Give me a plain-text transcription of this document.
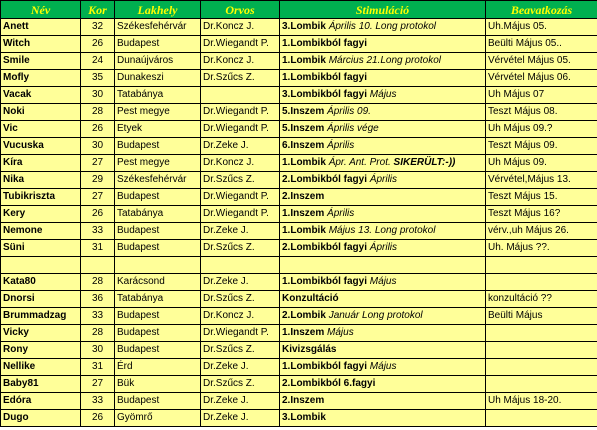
Név	Kor	Lakhely	Orvos	Stimuláció	Beavatkozás
Anett	32	Székesfehérvár	Dr.Koncz J.	3.Lombik Április 10. Long protokol	Uh.Május 05.
Witch	26	Budapest	Dr.Wiegandt P.	1.Lombikból fagyi	Beülti Május 05..
Smile	24	Dunaújváros	Dr.Koncz J.	1.Lombik Március 21.Long protokol	Vérvétel Május 05.
Mofly	35	Dunakeszi	Dr.Szűcs Z.	1.Lombikból fagyi	Vérvétel Május 06.
Vacak	30	Tatabánya		3.Lombikból fagyi Május	Uh Május 07
Noki	28	Pest megye	Dr.Wiegandt P.	5.Inszem Április 09.	Teszt Május 08.
Vic	26	Etyek	Dr.Wiegandt P.	5.Inszem Április vége	Uh Május 09.?
Vucuska	30	Budapest	Dr.Zeke J.	6.Inszem Április	Teszt Május 09.
Kíra	27	Pest megye	Dr.Koncz J.	1.Lombik Ápr. Ant. Prot. SIKERÜLT:-))	Uh Május 09.
Nika	29	Székesfehérvár	Dr.Szűcs Z.	2.Lombikból fagyi Április	Vérvétel,Május 13.
Tubikriszta	27	Budapest	Dr.Wiegandt P.	2.Inszem	Teszt Május 15.
Kery	26	Tatabánya	Dr.Wiegandt P.	1.Inszem Április	Teszt Május 16?
Nemone	33	Budapest	Dr.Zeke J.	1.Lombik Május 13. Long protokol	vérv.,uh Május 26.
Süni	31	Budapest	Dr.Szűcs Z.	2.Lombikból fagyi Április	Uh. Május ??.

Kata80	28	Karácsond	Dr.Zeke J.	1.Lombikból fagyi Május	
Dnorsi	36	Tatabánya	Dr.Szűcs Z.	Konzultáció	konzultáció ??
Brummadzag	33	Budapest	Dr.Koncz J.	2.Lombik Január Long protokol	Beülti Május
Vicky	28	Budapest	Dr.Wiegandt P.	1.Inszem Május	
Rony	30	Budapest	Dr.Szűcs Z.	Kivizsgálás	
Nellike	31	Érd	Dr.Zeke J.	1.Lombikból fagyi Május	
Baby81	27	Bük	Dr.Szűcs Z.	2.Lombikból 6.fagyi	
Edóra	33	Budapest	Dr.Zeke J.	2.Inszem	Uh Május 18-20.
Dugo	26	Gyömrő	Dr.Zeke J.	3.Lombik	
